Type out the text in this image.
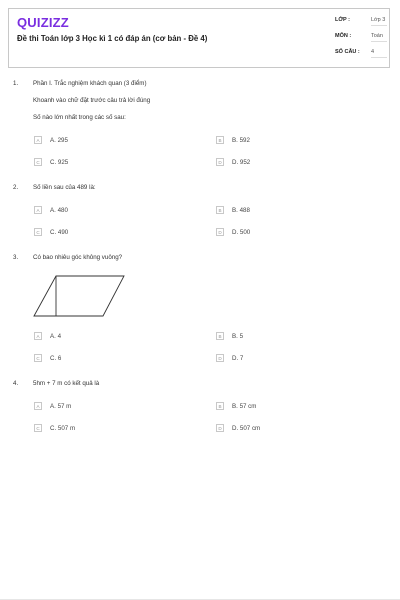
QUIZIZZ
Đề thi Toán lớp 3 Học kì 1 có đáp án (cơ bản - Đề 4)
LỚP :	Lớp 3
MÔN :	Toán
SỐ CÂU : 4
1. Phần I. Trắc nghiệm khách quan (3 điểm)
Khoanh vào chữ đặt trước câu trả lời đúng
Số nào lớn nhất trong các số sau:
A	A. 295	B	B. 592
C	C. 925	D	D. 952
2. Số liền sau của 489 là:
A	A. 480	B	B. 488
C	C. 490	D	D. 500
3. Có bao nhiêu góc không vuông?
A	A. 4	B	B. 5
C	C. 6	D	D. 7
4. 5hm + 7 m có kết quả là
A	A. 57 m	B	B. 57 cm
C	C. 507 m	D	D. 507 cm
